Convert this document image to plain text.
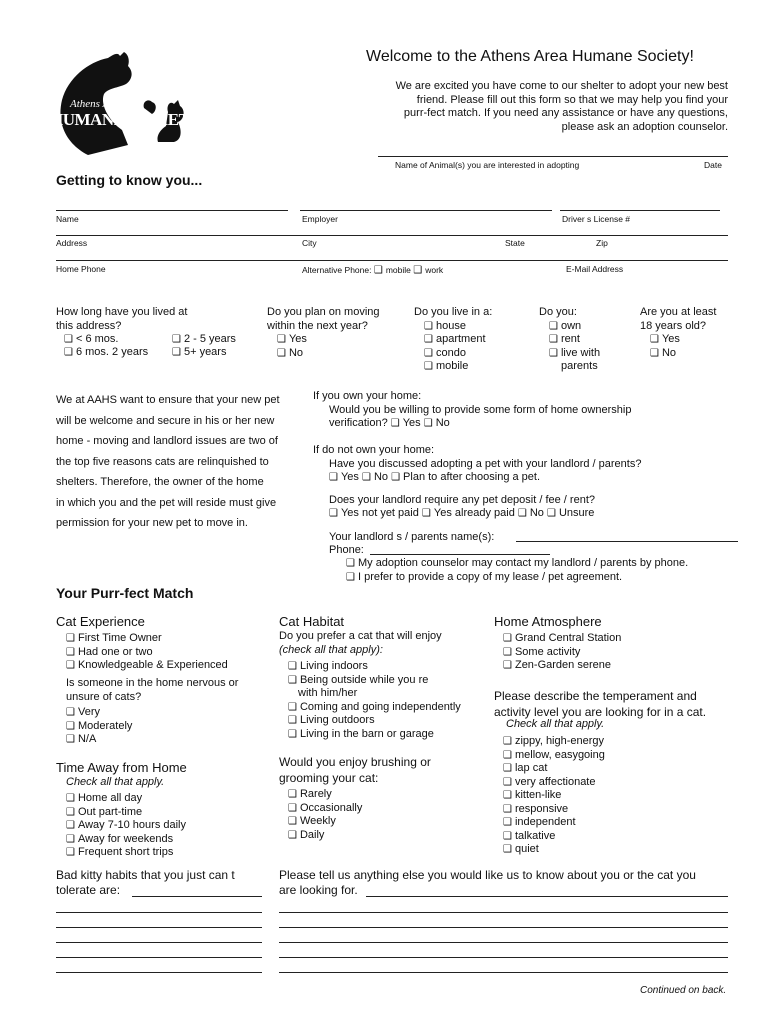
Athens Area
HUMANE SOCIETY
Welcome to the Athens Area Humane Society!
We are excited you have come to our shelter to adopt your new best
friend. Please fill out this form so that we may help you find your
purr-fect match. If you need any assistance or have any questions,
please ask an adoption counselor.
Name of Animal(s) you are interested in adopting	Date
Getting to know you...
Name	Employer	Driver s License #
Address	City	State	Zip
Home Phone	Alternative Phone: ❑ mobile ❑ work	E-Mail Address
How long have you lived at
this address?
❑ < 6 mos.	❑ 2 - 5 years
❑ 6 mos. 2 years	❑ 5+ years
Do you plan on moving
within the next year?
❑ Yes
❑ No
Do you live in a:
❑ house
❑ apartment
❑ condo
❑ mobile
Do you:
❑ own
❑ rent
❑ live with
parents
Are you at least
18 years old?
❑ Yes
❑ No
We at AAHS want to ensure that your new pet
will be welcome and secure in his or her new
home - moving and landlord issues are two of
the top five reasons cats are relinquished to
shelters. Therefore, the owner of the home
in which you and the pet will reside must give
permission for your new pet to move in.
If you own your home:
Would you be willing to provide some form of home ownership
verification? ❑ Yes ❑ No
If do not own your home:
Have you discussed adopting a pet with your landlord / parents?
❑ Yes ❑ No ❑ Plan to after choosing a pet.
Does your landlord require any pet deposit / fee / rent?
❑ Yes not yet paid ❑ Yes already paid ❑ No ❑ Unsure
Your landlord s / parents name(s):
Phone:
❑ My adoption counselor may contact my landlord / parents by phone.
❑ I prefer to provide a copy of my lease / pet agreement.
Your Purr-fect Match
Cat Experience
❑ First Time Owner
❑ Had one or two
❑ Knowledgeable & Experienced
Is someone in the home nervous or
unsure of cats?
❑ Very
❑ Moderately
❑ N/A
Time Away from Home
Check all that apply.
❑ Home all day
❑ Out part-time
❑ Away 7-10 hours daily
❑ Away for weekends
❑ Frequent short trips
Cat Habitat
Do you prefer a cat that will enjoy
(check all that apply):
❑ Living indoors
❑ Being outside while you re
with him/her
❑ Coming and going independently
❑ Living outdoors
❑ Living in the barn or garage
Would you enjoy brushing or
grooming your cat:
❑ Rarely
❑ Occasionally
❑ Weekly
❑ Daily
Home Atmosphere
❑ Grand Central Station
❑ Some activity
❑ Zen-Garden serene
Please describe the temperament and
activity level you are looking for in a cat.
Check all that apply.
❑ zippy, high-energy
❑ mellow, easygoing
❑ lap cat
❑ very affectionate
❑ kitten-like
❑ responsive
❑ independent
❑ talkative
❑ quiet
Bad kitty habits that you just can t
tolerate are:
Please tell us anything else you would like us to know about you or the cat you
are looking for.
Continued on back.
